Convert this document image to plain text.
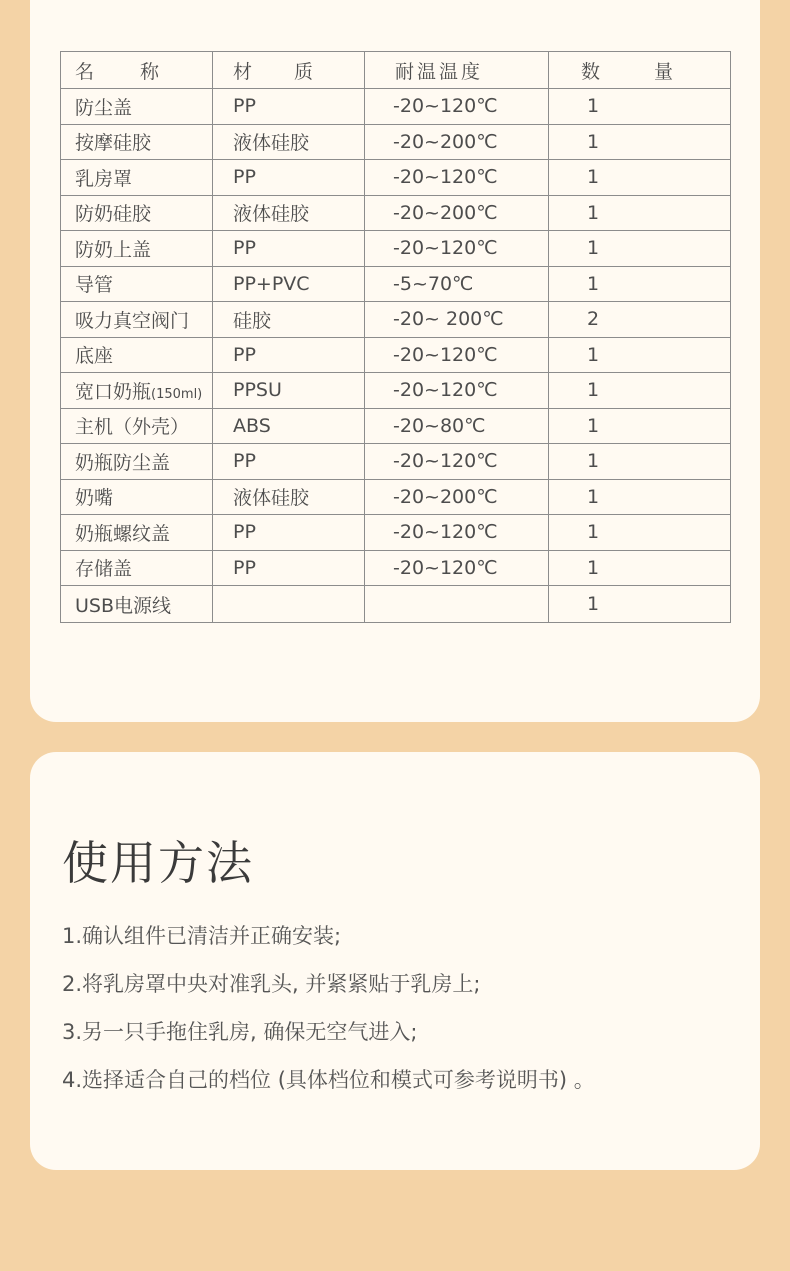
名 称	材 质	耐温温度	数 量
防尘盖	PP	-20~120℃	1
按摩硅胶	液体硅胶	-20~200℃	1
乳房罩	PP	-20~120℃	1
防奶硅胶	液体硅胶	-20~200℃	1
防奶上盖	PP	-20~120℃	1
导管	PP+PVC	-5~70℃	1
吸力真空阀门	硅胶	-20~ 200℃	2
底座	PP	-20~120℃	1
宽口奶瓶(150ml)	PPSU	-20~120℃	1
主机（外壳）	ABS	-20~80℃	1
奶瓶防尘盖	PP	-20~120℃	1
奶嘴	液体硅胶	-20~200℃	1
奶瓶螺纹盖	PP	-20~120℃	1
存储盖	PP	-20~120℃	1
USB电源线			1
使用方法
1.确认组件已清洁并正确安装;
2.将乳房罩中央对准乳头, 并紧紧贴于乳房上;
3.另一只手拖住乳房, 确保无空气进入;
4.选择适合自己的档位 (具体档位和模式可参考说明书) 。
